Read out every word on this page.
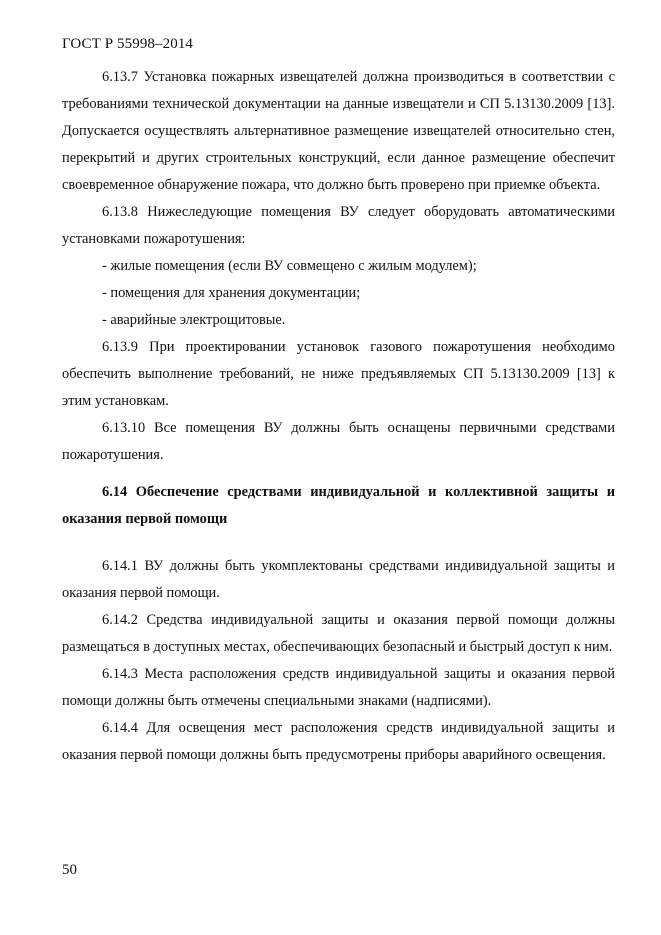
ГОСТ Р 55998–2014

6.13.7 Установка пожарных извещателей должна производиться в соответствии с требованиями технической документации на данные извещатели и СП 5.13130.2009 [13]. Допускается осуществлять альтернативное размещение извещателей относительно стен, перекрытий и других строительных конструкций, если данное размещение обеспечит своевременное обнаружение пожара, что должно быть проверено при приемке объекта.

6.13.8 Нижеследующие помещения ВУ следует оборудовать автоматическими установками пожаротушения:

- жилые помещения (если ВУ совмещено с жилым модулем);

- помещения для хранения документации;

- аварийные электрощитовые.

6.13.9 При проектировании установок газового пожаротушения необходимо обеспечить выполнение требований, не ниже предъявляемых СП 5.13130.2009 [13] к этим установкам.

6.13.10 Все помещения ВУ должны быть оснащены первичными средствами пожаротушения.

6.14 Обеспечение средствами индивидуальной и коллективной защиты и оказания первой помощи

6.14.1 ВУ должны быть укомплектованы средствами индивидуальной защиты и оказания первой помощи.

6.14.2 Средства индивидуальной защиты и оказания первой помощи должны размещаться в доступных местах, обеспечивающих безопасный и быстрый доступ к ним.

6.14.3 Места расположения средств индивидуальной защиты и оказания первой помощи должны быть отмечены специальными знаками (надписями).

6.14.4 Для освещения мест расположения средств индивидуальной защиты и оказания первой помощи должны быть предусмотрены приборы аварийного освещения.

50
